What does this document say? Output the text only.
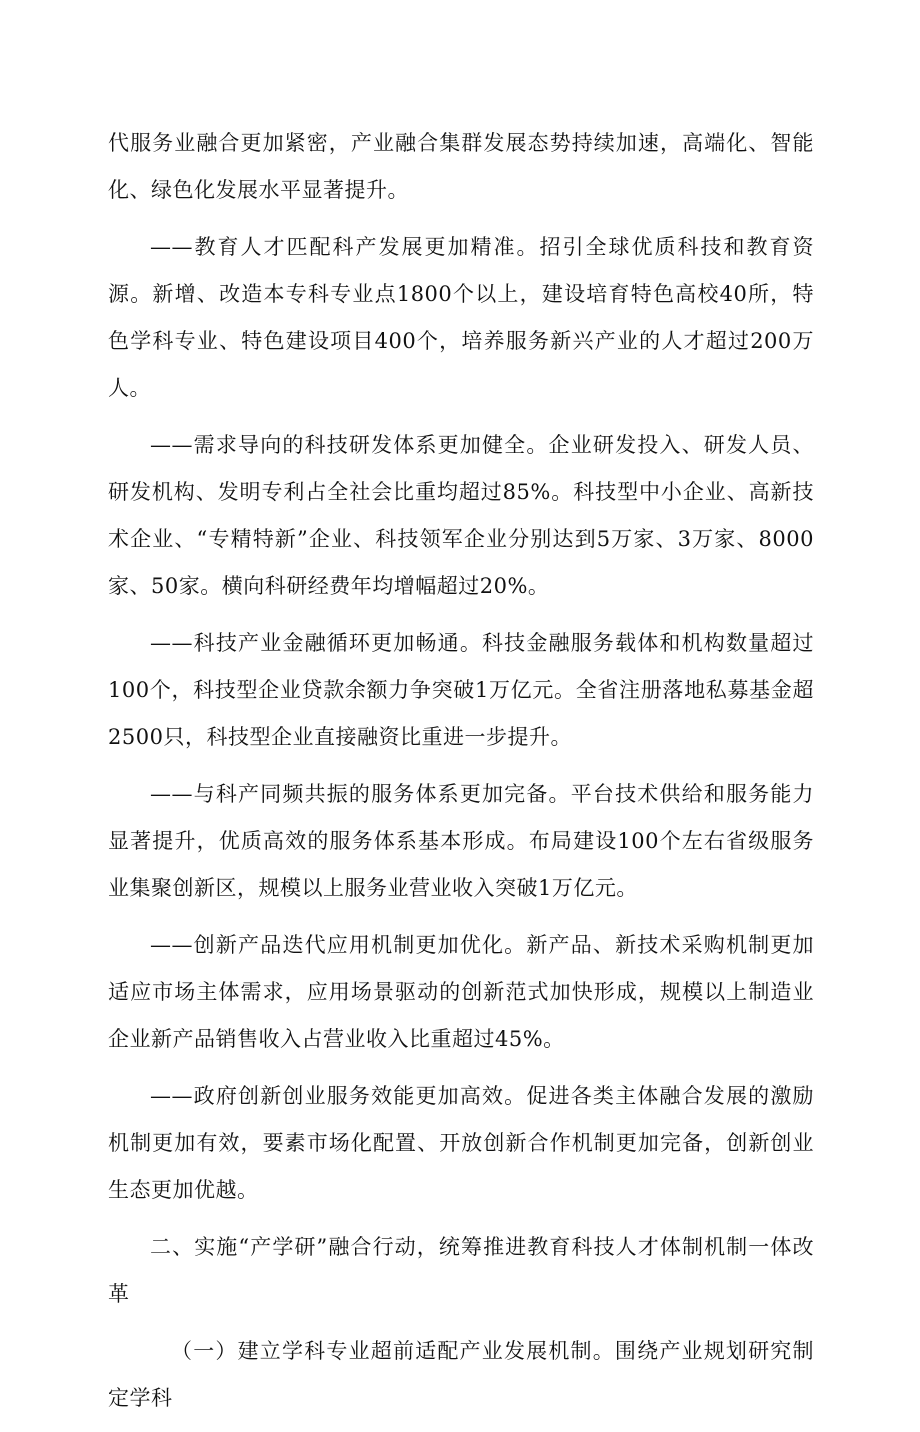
代服务业融合更加紧密，产业融合集群发展态势持续加速，高端化、智能化、绿色化发展水平显著提升。

——教育人才匹配科产发展更加精准。招引全球优质科技和教育资源。新增、改造本专科专业点1800个以上，建设培育特色高校40所，特色学科专业、特色建设项目400个，培养服务新兴产业的人才超过200万人。

——需求导向的科技研发体系更加健全。企业研发投入、研发人员、研发机构、发明专利占全社会比重均超过85%。科技型中小企业、高新技术企业、“专精特新”企业、科技领军企业分别达到5万家、3万家、8000家、50家。横向科研经费年均增幅超过20%。

——科技产业金融循环更加畅通。科技金融服务载体和机构数量超过100个，科技型企业贷款余额力争突破1万亿元。全省注册落地私募基金超2500只，科技型企业直接融资比重进一步提升。

——与科产同频共振的服务体系更加完备。平台技术供给和服务能力显著提升，优质高效的服务体系基本形成。布局建设100个左右省级服务业集聚创新区，规模以上服务业营业收入突破1万亿元。

——创新产品迭代应用机制更加优化。新产品、新技术采购机制更加适应市场主体需求，应用场景驱动的创新范式加快形成，规模以上制造业企业新产品销售收入占营业收入比重超过45%。

——政府创新创业服务效能更加高效。促进各类主体融合发展的激励机制更加有效，要素市场化配置、开放创新合作机制更加完备，创新创业生态更加优越。

二、实施“产学研”融合行动，统筹推进教育科技人才体制机制一体改革

（一）建立学科专业超前适配产业发展机制。围绕产业规划研究制定学科
